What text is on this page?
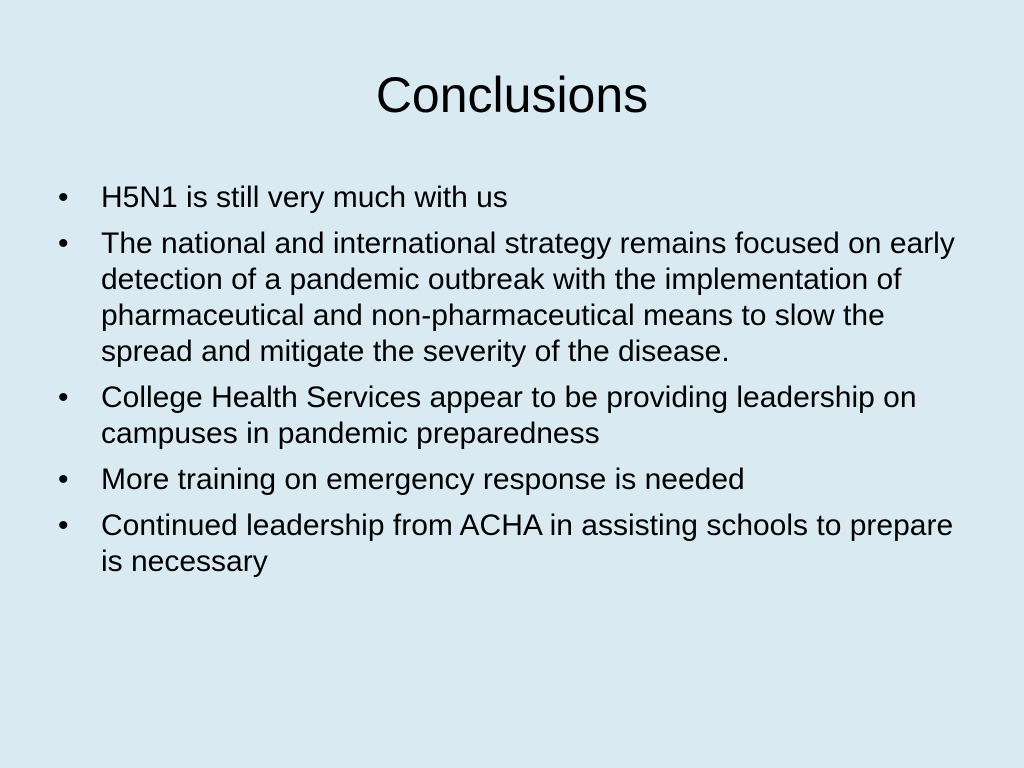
Conclusions
•	H5N1 is still very much with us
•	The national and international strategy remains focused on early detection of a pandemic outbreak with the implementation of pharmaceutical and non-pharmaceutical means to slow the spread and mitigate the severity of the disease.
•	College Health Services appear to be providing leadership on campuses in pandemic preparedness
•	More training on emergency response is needed
•	Continued leadership from ACHA in assisting schools to prepare is necessary
